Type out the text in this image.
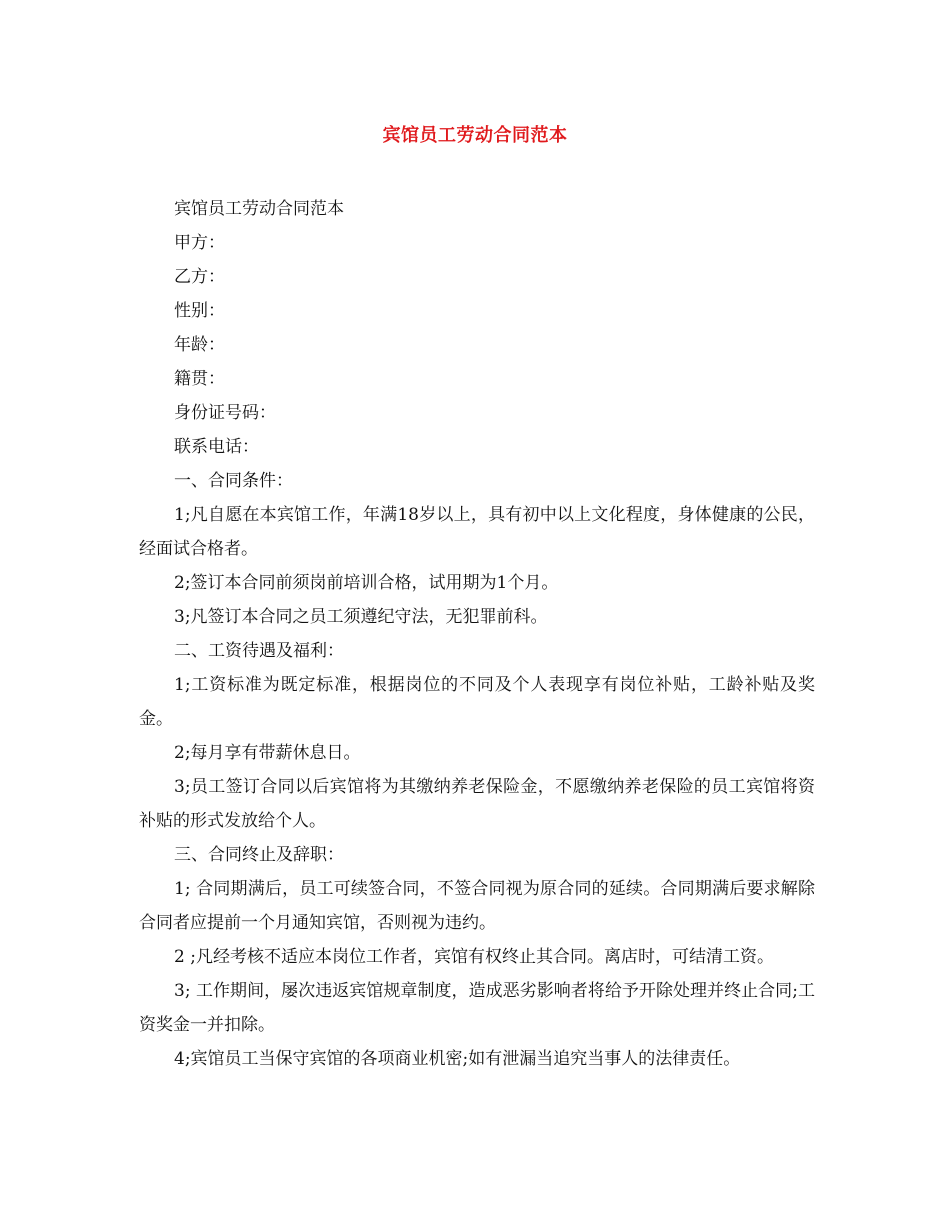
宾馆员工劳动合同范本
宾馆员工劳动合同范本
甲方：
乙方：
性别：
年龄：
籍贯：
身份证号码：
联系电话：
一、合同条件：
1;凡自愿在本宾馆工作，年满18岁以上，具有初中以上文化程度，身体健康的公民，经面试合格者。
2;签订本合同前须岗前培训合格，试用期为1个月。
3;凡签订本合同之员工须遵纪守法，无犯罪前科。
二、工资待遇及福利：
1;工资标准为既定标准，根据岗位的不同及个人表现享有岗位补贴，工龄补贴及奖金。
2;每月享有带薪休息日。
3;员工签订合同以后宾馆将为其缴纳养老保险金，不愿缴纳养老保险的员工宾馆将资补贴的形式发放给个人。
三、合同终止及辞职：
1; 合同期满后，员工可续签合同，不签合同视为原合同的延续。合同期满后要求解除合同者应提前一个月通知宾馆，否则视为违约。
2 ;凡经考核不适应本岗位工作者，宾馆有权终止其合同。离店时，可结清工资。
3; 工作期间，屡次违返宾馆规章制度，造成恶劣影响者将给予开除处理并终止合同;工资奖金一并扣除。
4;宾馆员工当保守宾馆的各项商业机密;如有泄漏当追究当事人的法律责任。
